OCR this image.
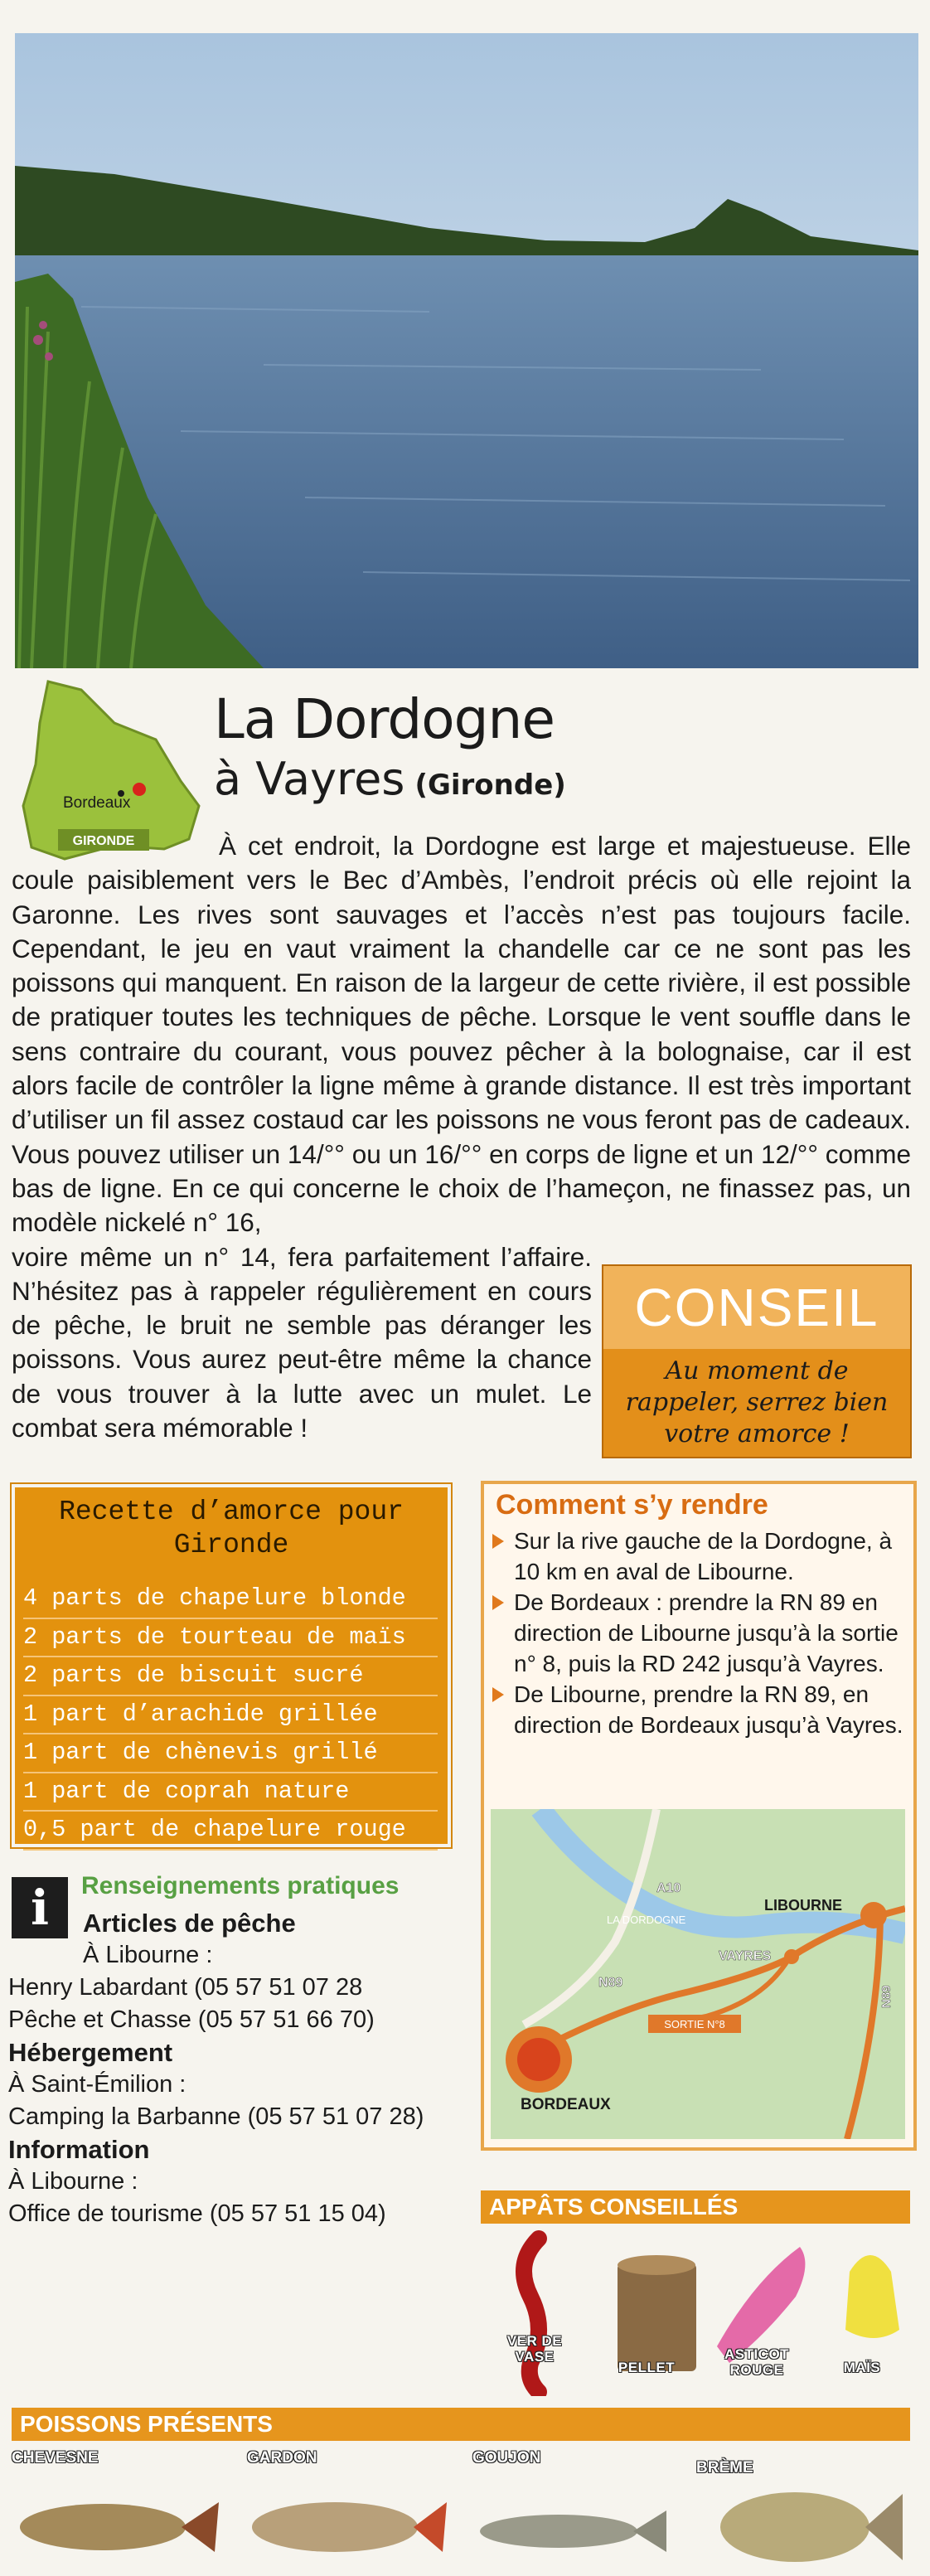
Bordeaux
GIRONDE
La Dordogne
à Vayres (Gironde)
À cet endroit, la Dordogne est large et majestueuse. Elle coule paisiblement vers le Bec d’Ambès, l’endroit précis où elle rejoint la Garonne. Les rives sont sauvages et l’accès n’est pas toujours facile. Cependant, le jeu en vaut vraiment la chandelle car ce ne sont pas les poissons qui manquent. En raison de la largeur de cette rivière, il est possible de pratiquer toutes les techniques de pêche. Lorsque le vent souffle dans le sens contraire du courant, vous pouvez pêcher à la bolognaise, car il est alors facile de contrôler la ligne même à grande distance. Il est très important d’utiliser un fil assez costaud car les poissons ne vous feront pas de cadeaux. Vous pouvez utiliser un 14/°° ou un 16/°° en corps de ligne et un 12/°° comme bas de ligne. En ce qui concerne le choix de l’hameçon, ne finassez pas, un modèle nickelé n° 16,
voire même un n° 14, fera parfaitement l’affaire. N’hésitez pas à rappeler régulièrement en cours de pêche, le bruit ne semble pas déranger les poissons. Vous aurez peut-être même la chance de vous trouver à la lutte avec un mulet. Le combat sera mémorable !
CONSEIL
Au moment de rappeler, serrez bien votre amorce !
Recette d’amorce pour Gironde
4 parts de chapelure blonde
2 parts de tourteau de maïs
2 parts de biscuit sucré
1 part d’arachide grillée
1 part de chènevis grillé
1 part de coprah nature
0,5 part de chapelure rouge
Comment s’y rendre
Sur la rive gauche de la Dordogne, à 10 km en aval de Libourne.
De Bordeaux : prendre la RN 89 en direction de Libourne jusqu’à la sortie n° 8, puis la RD 242 jusqu’à Vayres.
De Libourne, prendre la RN 89, en direction de Bordeaux jusqu’à Vayres.
A10
LA DORDOGNE
LIBOURNE
VAYRES
N89
N89
SORTIE N°8
BORDEAUX
i	Renseignements pratiques
Articles de pêche
À Libourne :
Henry Labardant (05 57 51 07 28
Pêche et Chasse (05 57 51 66 70)
Hébergement
À Saint-Émilion :
Camping la Barbanne (05 57 51 07 28)
Information
À Libourne :
Office de tourisme (05 57 51 15 04)	APPÂTS CONSEILLÉS
VER DE VASE
PELLET
ASTICOT ROUGE	MAÏS
POISSONS PRÉSENTS
CHEVESNE	GARDON	GOUJON
BRÈME
